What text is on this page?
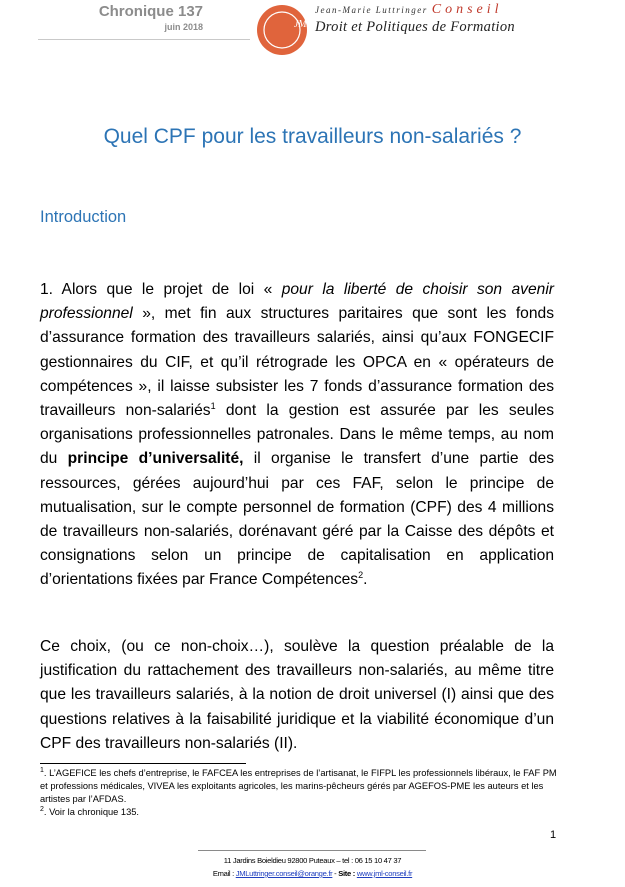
Chronique 137
juin 2018	JML
Jean-Marie Luttringer Conseil
Droit et Politiques de Formation
Quel CPF pour les travailleurs non-salariés ?
Introduction
1. Alors que le projet de loi « pour la liberté de choisir son avenir professionnel », met fin aux structures paritaires que sont les fonds d’assurance formation des travailleurs salariés, ainsi qu’aux FONGECIF gestionnaires du CIF, et qu’il rétrograde les OPCA en « opérateurs de compétences », il laisse subsister les 7 fonds d’assurance formation des travailleurs non-salariés$^1$ dont la gestion est assurée par les seules organisations professionnelles patronales. Dans le même temps, au nom du principe d’universalité, il organise le transfert d’une partie des ressources, gérées aujourd’hui par ces FAF, selon le principe de mutualisation, sur le compte personnel de formation (CPF) des 4 millions de travailleurs non-salariés, dorénavant géré par la Caisse des dépôts et consignations selon un principe de capitalisation en application d’orientations fixées par France Compétences$^2$.
Ce choix, (ou ce non-choix…), soulève la question préalable de la justification du rattachement des travailleurs non-salariés, au même titre que les travailleurs salariés, à la notion de droit universel (I) ainsi que des questions relatives à la faisabilité juridique et la viabilité économique d’un CPF des travailleurs non-salariés (II).
$^1$. L’AGEFICE les chefs d’entreprise, le FAFCEA les entreprises de l’artisanat, le FIFPL les professionnels libéraux, le FAF PM et professions médicales, VIVEA les exploitants agricoles, les marins-pêcheurs gérés par AGEFOS-PME les auteurs et les artistes par l’AFDAS.
$^2$. Voir la chronique 135.
1
11 Jardins Boieldieu 92800 Puteaux – tel : 06 15 10 47 37
Email : JMLuttringer.conseil@orange.fr - Site : www.jml-conseil.fr
